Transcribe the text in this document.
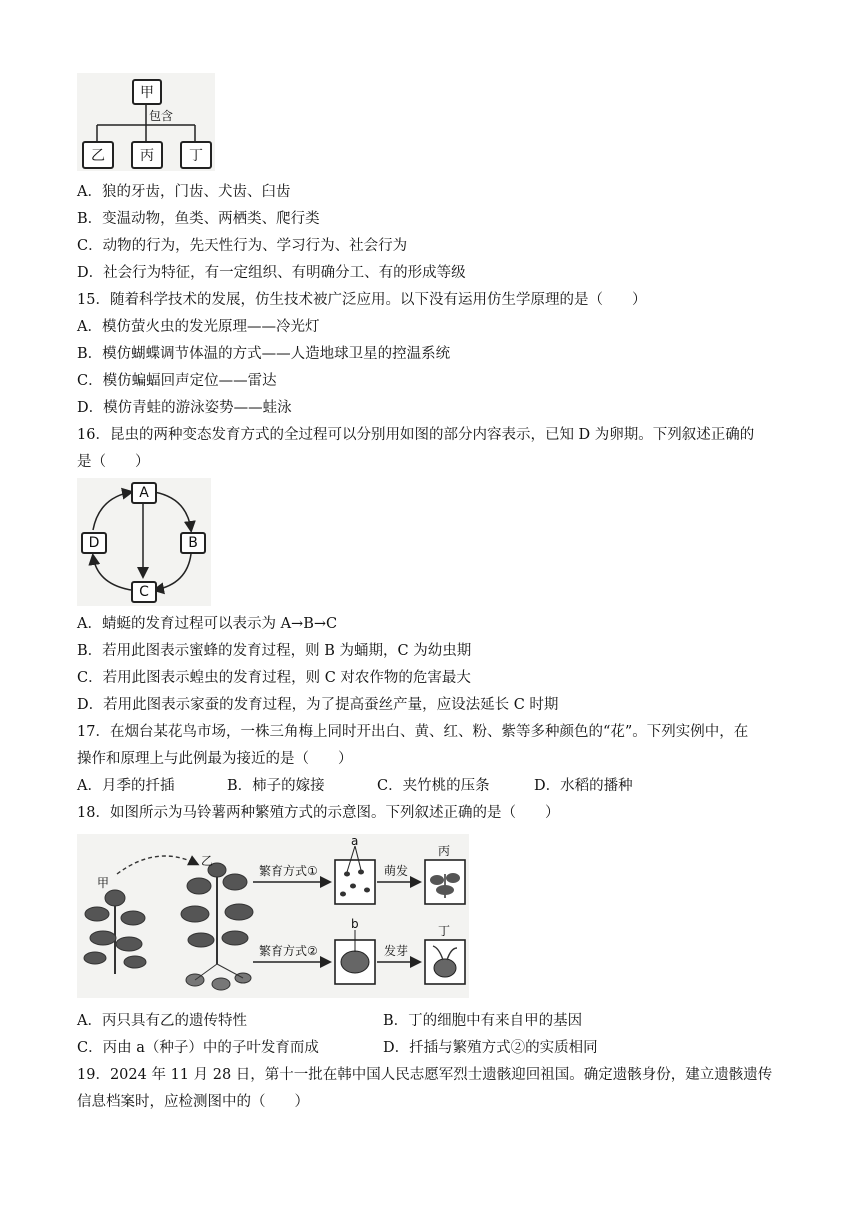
甲
包含
乙	丙	丁
A．狼的牙齿，门齿、犬齿、臼齿
B．变温动物，鱼类、两栖类、爬行类
C．动物的行为，先天性行为、学习行为、社会行为
D．社会行为特征，有一定组织、有明确分工、有的形成等级
15．随着科学技术的发展，仿生技术被广泛应用。以下没有运用仿生学原理的是（　　）
A．模仿萤火虫的发光原理——冷光灯
B．模仿蝴蝶调节体温的方式——人造地球卫星的控温系统
C．模仿蝙蝠回声定位——雷达
D．模仿青蛙的游泳姿势——蛙泳
16．昆虫的两种变态发育方式的全过程可以分别用如图的部分内容表示，已知 D 为卵期。下列叙述正确的
是（　　）
A
B
C
D
A．蜻蜓的发育过程可以表示为 A→B→C
B．若用此图表示蜜蜂的发育过程，则 B 为蛹期，C 为幼虫期
C．若用此图表示蝗虫的发育过程，则 C 对农作物的危害最大
D．若用此图表示家蚕的发育过程，为了提高蚕丝产量，应设法延长 C 时期
17．在烟台某花鸟市场，一株三角梅上同时开出白、黄、红、粉、紫等多种颜色的“花”。下列实例中，在
操作和原理上与此例最为接近的是（　　）
A．月季的扦插	B．柿子的嫁接	C．夹竹桃的压条	D．水稻的播种
18．如图所示为马铃薯两种繁殖方式的示意图。下列叙述正确的是（　　）
甲
乙
繁育方式①
繁育方式②
萌发
发芽
a
b
丙
丁
A．丙只具有乙的遗传特性	B．丁的细胞中有来自甲的基因
C．丙由 a（种子）中的子叶发育而成	D．扦插与繁殖方式②的实质相同
19．2024 年 11 月 28 日，第十一批在韩中国人民志愿军烈士遗骸迎回祖国。确定遗骸身份，建立遗骸遗传
信息档案时，应检测图中的（　　）
